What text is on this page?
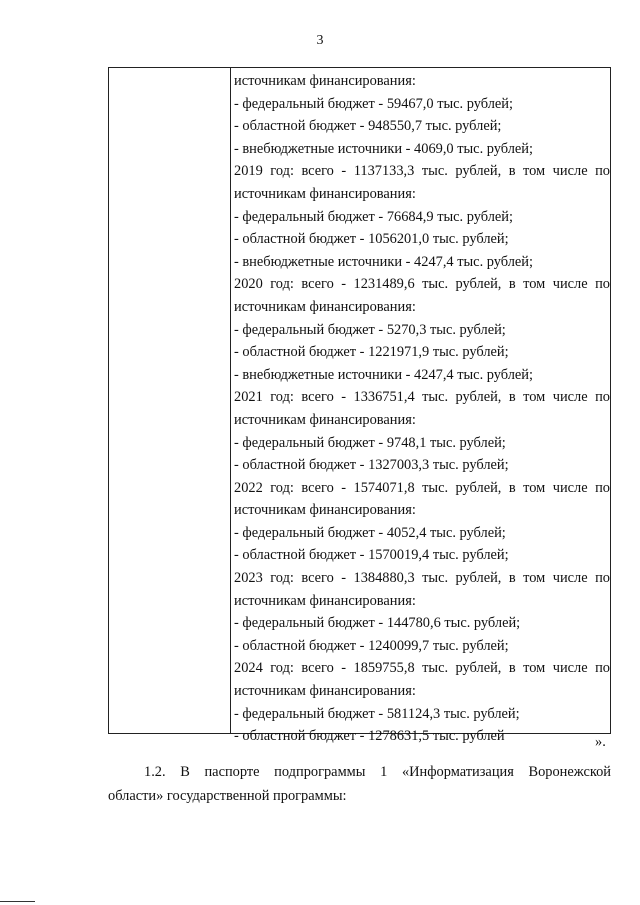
3
источникам финансирования:
- федеральный бюджет - 59467,0 тыс. рублей;
- областной бюджет - 948550,7 тыс. рублей;
- внебюджетные источники - 4069,0 тыс. рублей;
2019 год: всего - 1137133,3 тыс. рублей, в том числе по
источникам финансирования:
- федеральный бюджет - 76684,9 тыс. рублей;
- областной бюджет - 1056201,0 тыс. рублей;
- внебюджетные источники - 4247,4 тыс. рублей;
2020 год: всего - 1231489,6 тыс. рублей, в том числе по
источникам финансирования:
- федеральный бюджет - 5270,3 тыс. рублей;
- областной бюджет - 1221971,9 тыс. рублей;
- внебюджетные источники - 4247,4 тыс. рублей;
2021 год: всего - 1336751,4 тыс. рублей, в том числе по
источникам финансирования:
- федеральный бюджет - 9748,1 тыс. рублей;
- областной бюджет - 1327003,3 тыс. рублей;
2022 год: всего - 1574071,8 тыс. рублей, в том числе по
источникам финансирования:
- федеральный бюджет - 4052,4 тыс. рублей;
- областной бюджет - 1570019,4 тыс. рублей;
2023 год: всего - 1384880,3 тыс. рублей, в том числе по
источникам финансирования:
- федеральный бюджет - 144780,6 тыс. рублей;
- областной бюджет - 1240099,7 тыс. рублей;
2024 год: всего - 1859755,8 тыс. рублей, в том числе по
источникам финансирования:
- федеральный бюджет - 581124,3 тыс. рублей;
- областной бюджет - 1278631,5 тыс. рублей	».
1.2. В паспорте подпрограммы 1 «Информатизация Воронежской
области» государственной программы:
